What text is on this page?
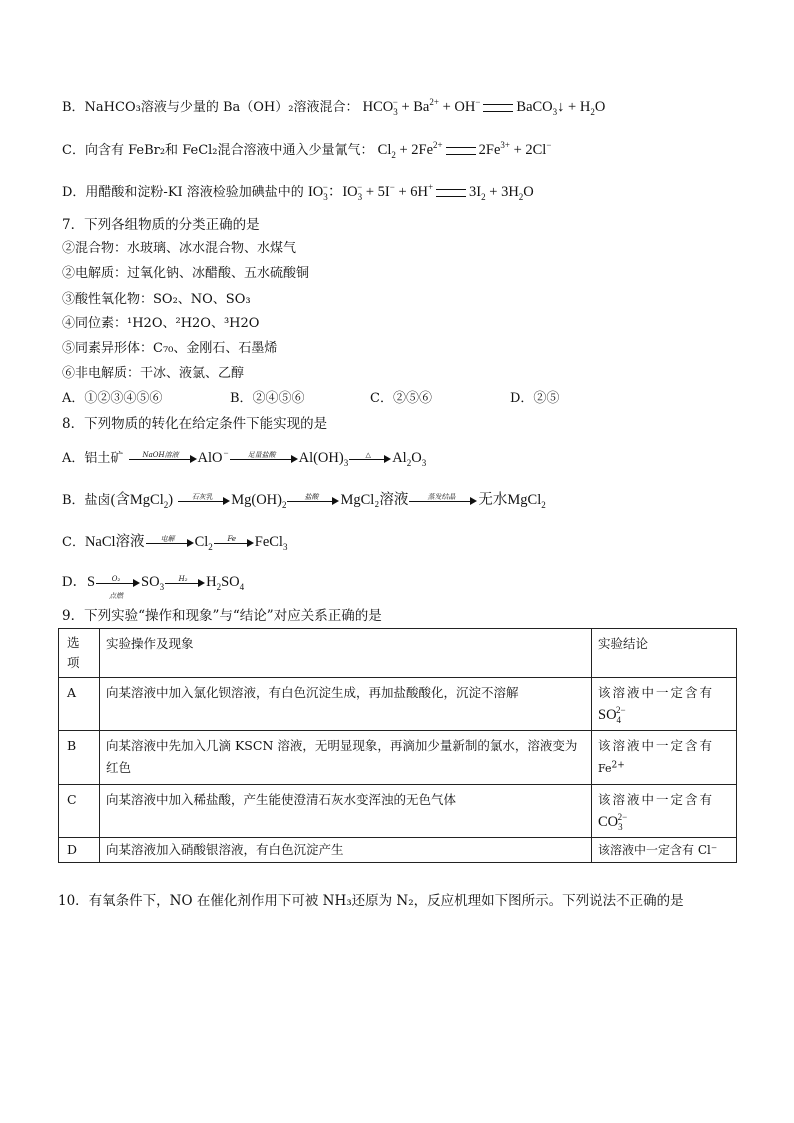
B．NaHCO₃溶液与少量的 Ba（OH）₂溶液混合： $HCO_3^- + Ba^{2+} + OH^-$ BaCO$_3$↓ + $H_2O$
C．向含有 FeBr₂和 FeCl₂混合溶液中通入少量氰气： $Cl_2 + 2Fe^{2+}$ $2Fe^{3+} + 2Cl^-$
D．用醋酸和淀粉-KI 溶液检验加碘盐中的 $IO_3^-$：$IO_3^- + 5I^- + 6H^+$ $3I_2 + 3H_2O$
7．下列各组物质的分类正确的是
②混合物：水玻璃、冰水混合物、水煤气
②电解质：过氧化钠、冰醋酸、五水硫酸铜
③酸性氧化物：SO₂、NO、SO₃
④同位素：¹H2O、²H2O、³H2O
⑤同素异形体：C₇₀、金刚石、石墨烯
⑥非电解质：干冰、液氯、乙醇
A．①②③④⑤⑥	B．②④⑤⑥	C．②⑤⑥	D．②⑤
8．下列物质的转化在给定条件下能实现的是
A．铝土矿	NaOH溶液	AlO−	足量盐酸	$Al(OH)_3$
△	$Al_2O_3$
B．盐卤(含MgCl$_2$)	石灰乳	$Mg(OH)_2$
盐酸	MgCl₂溶液	蒸发结晶	无水MgCl$_2$
C．NaCl溶液	电解	$Cl_2$
Fe	FeCl$_3$
D．S	O₂
点燃
$SO_3$
H₂	$H_2SO_4$
9．下列实验“操作和现象”与“结论”对应关系正确的是
选项	实验操作及现象	实验结论
A	向某溶液中加入氯化钡溶液，有白色沉淀生成，再加盐酸酸化，沉淀不溶解	该溶液中一定含有
$SO_4^{2-}$
B	向某溶液中先加入几滴 KSCN 溶液，无明显现象，再滴加少量新制的氯水，溶液变为红色	该溶液中一定含有
$Fe^{2+}$
C	向某溶液中加入稀盐酸，产生能使澄清石灰水变浑浊的无色气体	该溶液中一定含有
$CO_3^{2-}$
D	向某溶液加入硝酸银溶液，有白色沉淀产生	该溶液中一定含有 Cl⁻
10．有氧条件下，NO 在催化剂作用下可被 NH₃还原为 N₂，反应机理如下图所示。下列说法不正确的是
